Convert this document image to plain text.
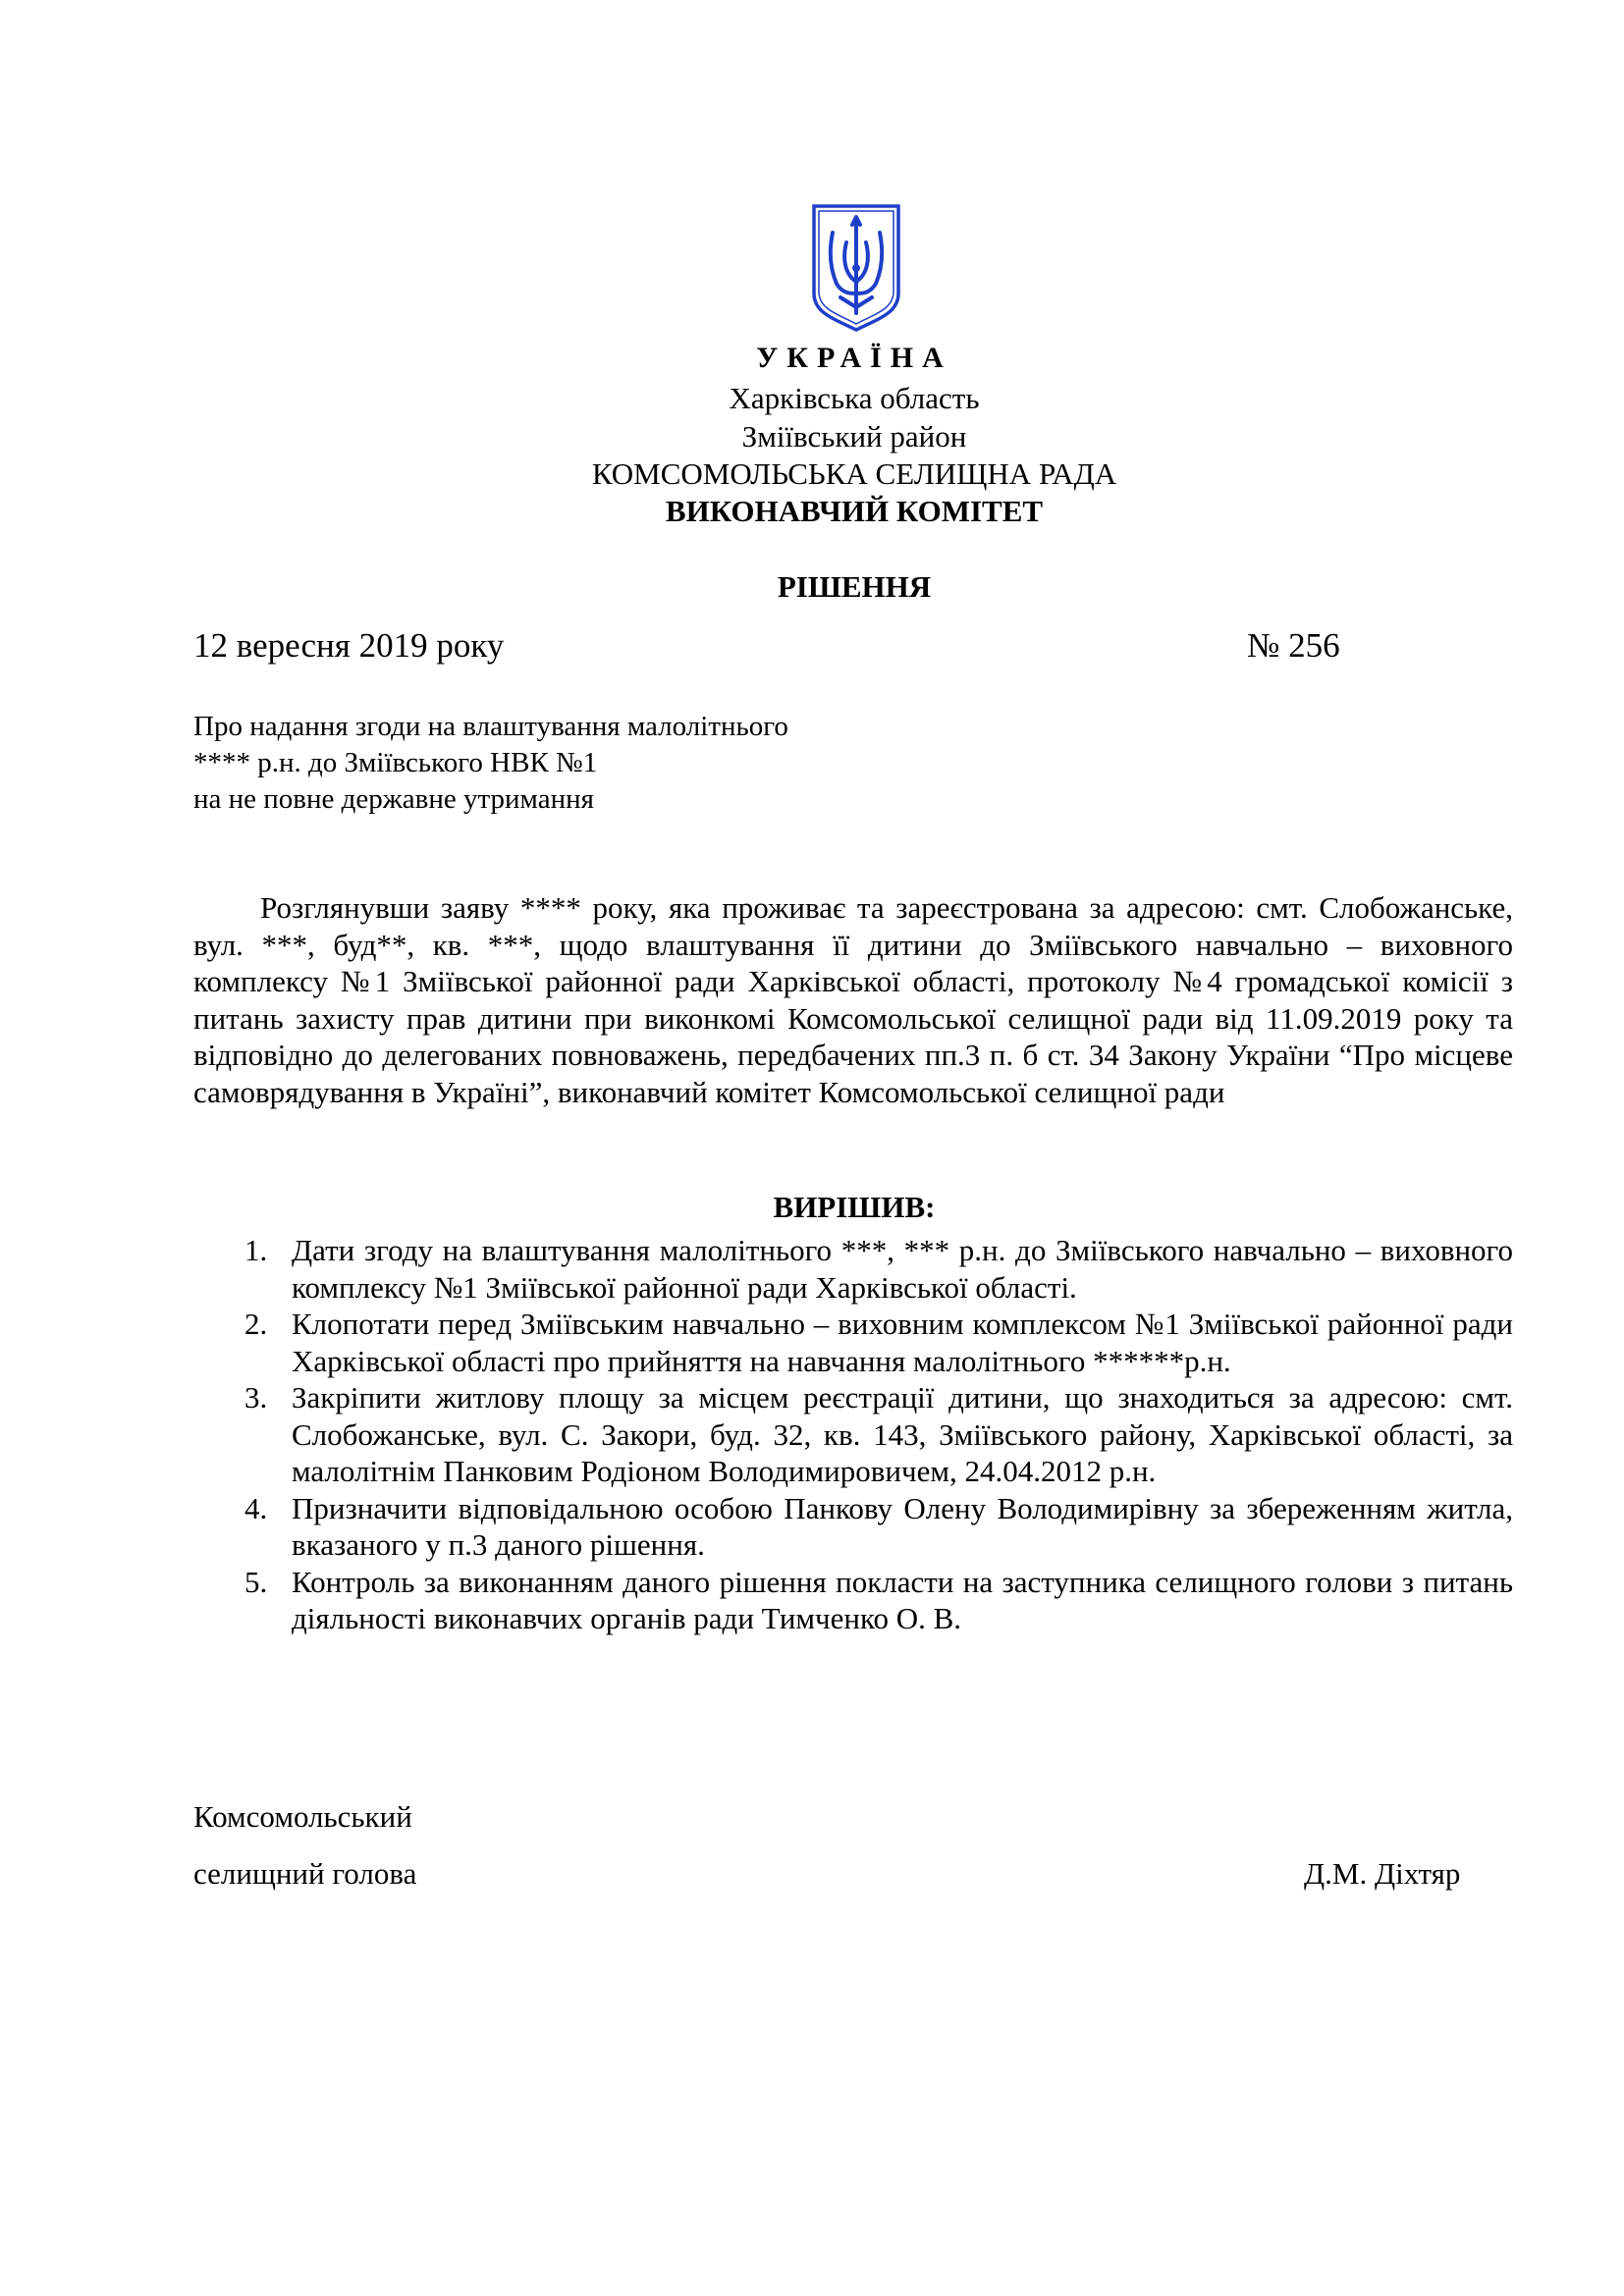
УКРАЇНА
Харківська область
Зміївський район
КОМСОМОЛЬСЬКА СЕЛИЩНА РАДА
ВИКОНАВЧИЙ КОМІТЕТ
РІШЕННЯ
12 вересня 2019 року	№ 256
Про надання згоди на влаштування малолітнього
**** р.н. до Зміївського НВК №1
на не повне державне утримання
Розглянувши заяву **** року, яка проживає та зареєстрована за адресою: смт. Слобожанське, вул. ***, буд**, кв. ***, щодо влаштування її дитини до Зміївського навчально – виховного комплексу №1 Зміївської районної ради Харківської області, протоколу №4 громадської комісії з питань захисту прав дитини при виконкомі Комсомольської селищної ради від 11.09.2019 року та відповідно до делегованих повноважень, передбачених пп.3 п. б ст. 34 Закону України “Про місцеве самоврядування в Україні”, виконавчий комітет Комсомольської селищної ради
ВИРІШИВ:
1. Дати згоду на влаштування малолітнього ***, *** р.н. до Зміївського навчально – виховного комплексу №1 Зміївської районної ради Харківської області.
2. Клопотати перед Зміївським навчально – виховним комплексом №1 Зміївської районної ради Харківської області про прийняття на навчання малолітнього ******р.н.
3. Закріпити житлову площу за місцем реєстрації дитини, що знаходиться за адресою: смт. Слобожанське, вул. С. Закори, буд. 32, кв. 143, Зміївського району, Харківської області, за малолітнім Панковим Родіоном Володимировичем, 24.04.2012 р.н.
4. Призначити відповідальною особою Панкову Олену Володимирівну за збереженням житла, вказаного у п.3 даного рішення.
5. Контроль за виконанням даного рішення покласти на заступника селищного голови з питань діяльності виконавчих органів ради Тимченко О. В.
Комсомольський
селищний голова	Д.М. Діхтяр
